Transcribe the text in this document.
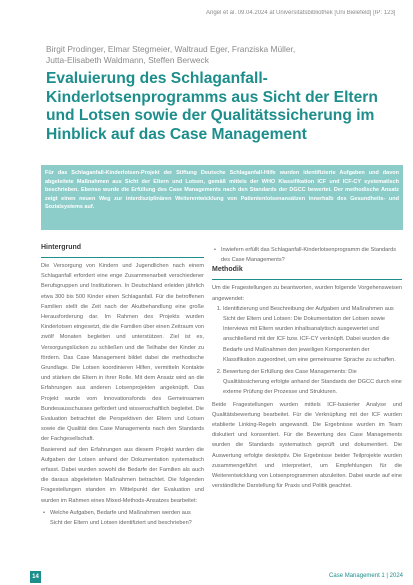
Angel et al. 09.04.2024 at Universitätsbibliothek [Uni Bielefeld] [IP: 123]
Birgit Prodinger, Elmar Stegmeier, Waltraud Eger, Franziska Müller,
Jutta-Elisabeth Waldmann, Steffen Berweck
Evaluierung des Schlaganfall-Kinderlotsenprogramms aus Sicht der Eltern und Lotsen sowie der Qualitätssicherung im Hinblick auf das Case Management

Für das Schlaganfall-Kinderlotsen-Projekt der Stiftung Deutsche Schlaganfall-Hilfe wurden identifizierte Aufgaben und davon abgeleitete Maßnahmen aus Sicht der Eltern und Lotsen, gemäß mittels der WHO Klassifikation ICF und ICF-CY systematisch beschrieben. Ebenso wurde die Erfüllung des Case Managements nach den Standards der DGCC bewertet. Der methodische Ansatz zeigt einen neuen Weg zur interdisziplinären Weiterentwicklung von Patientenlotsenansätzen innerhalb des Gesundheits- und Sozialsystems auf.

Hintergrund

Die Versorgung von Kindern und Jugendlichen nach einem Schlaganfall erfordert eine enge Zusammenarbeit verschiedener Berufsgruppen und Institutionen. In Deutschland erleiden jährlich etwa 300 bis 500 Kinder einen Schlaganfall. Für die betroffenen Familien stellt die Zeit nach der Akutbehandlung eine große Herausforderung dar. Im Rahmen des Projekts wurden Kinderlotsen eingesetzt, die die Familien über einen Zeitraum von zwölf Monaten begleiten und unterstützen. Ziel ist es, Versorgungslücken zu schließen und die Teilhabe der Kinder zu fördern. Das Case Management bildet dabei die methodische Grundlage. Die Lotsen koordinieren Hilfen, vermitteln Kontakte und stärken die Eltern in ihrer Rolle. Mit dem Ansatz wird an die Erfahrungen aus anderen Lotsenprojekten angeknüpft. Das Projekt wurde vom Innovationsfonds des Gemeinsamen Bundesausschusses gefördert und wissenschaftlich begleitet. Die Evaluation betrachtet die Perspektiven der Eltern und Lotsen sowie die Qualität des Case Managements nach den Standards der Fachgesellschaft.

Basierend auf den Erfahrungen aus diesem Projekt wurden die Aufgaben der Lotsen anhand der Dokumentation systematisch erfasst. Dabei wurden sowohl die Bedarfe der Familien als auch die daraus abgeleiteten Maßnahmen betrachtet. Die folgenden Fragestellungen standen im Mittelpunkt der Evaluation und wurden im Rahmen eines Mixed-Methods-Ansatzes bearbeitet:

• Welche Aufgaben, Bedarfe und Maßnahmen werden aus Sicht der Eltern und Lotsen identifiziert und beschrieben?
• Inwiefern erfüllt das Schlaganfall-Kinderlotsenprogramm die Standards des Case Managements?
Methodik

Um die Fragestellungen zu beantworten, wurden folgende Vorgehensweisen angewendet:

1. Identifizierung und Beschreibung der Aufgaben und Maßnahmen aus Sicht der Eltern und Lotsen: Die Dokumentation der Lotsen sowie Interviews mit Eltern wurden inhaltsanalytisch ausgewertet und anschließend mit der ICF bzw. ICF-CY verknüpft. Dabei wurden die Bedarfe und Maßnahmen den jeweiligen Komponenten der Klassifikation zugeordnet, um eine gemeinsame Sprache zu schaffen.
2. Bewertung der Erfüllung des Case Managements: Die Qualitätssicherung erfolgte anhand der Standards der DGCC durch eine externe Prüfung der Prozesse und Strukturen.

Beide Fragestellungen wurden mittels ICF-basierter Analyse und Qualitätsbewertung bearbeitet. Für die Verknüpfung mit der ICF wurden etablierte Linking-Regeln angewandt. Die Ergebnisse wurden im Team diskutiert und konsentiert. Für die Bewertung des Case Managements wurden die Standards systematisch geprüft und dokumentiert. Die Auswertung erfolgte deskriptiv. Die Ergebnisse beider Teilprojekte wurden zusammengeführt und interpretiert, um Empfehlungen für die Weiterentwicklung von Lotsenprogrammen abzuleiten. Dabei wurde auf eine verständliche Darstellung für Praxis und Politik geachtet.

14	Case Management 1 | 2024
